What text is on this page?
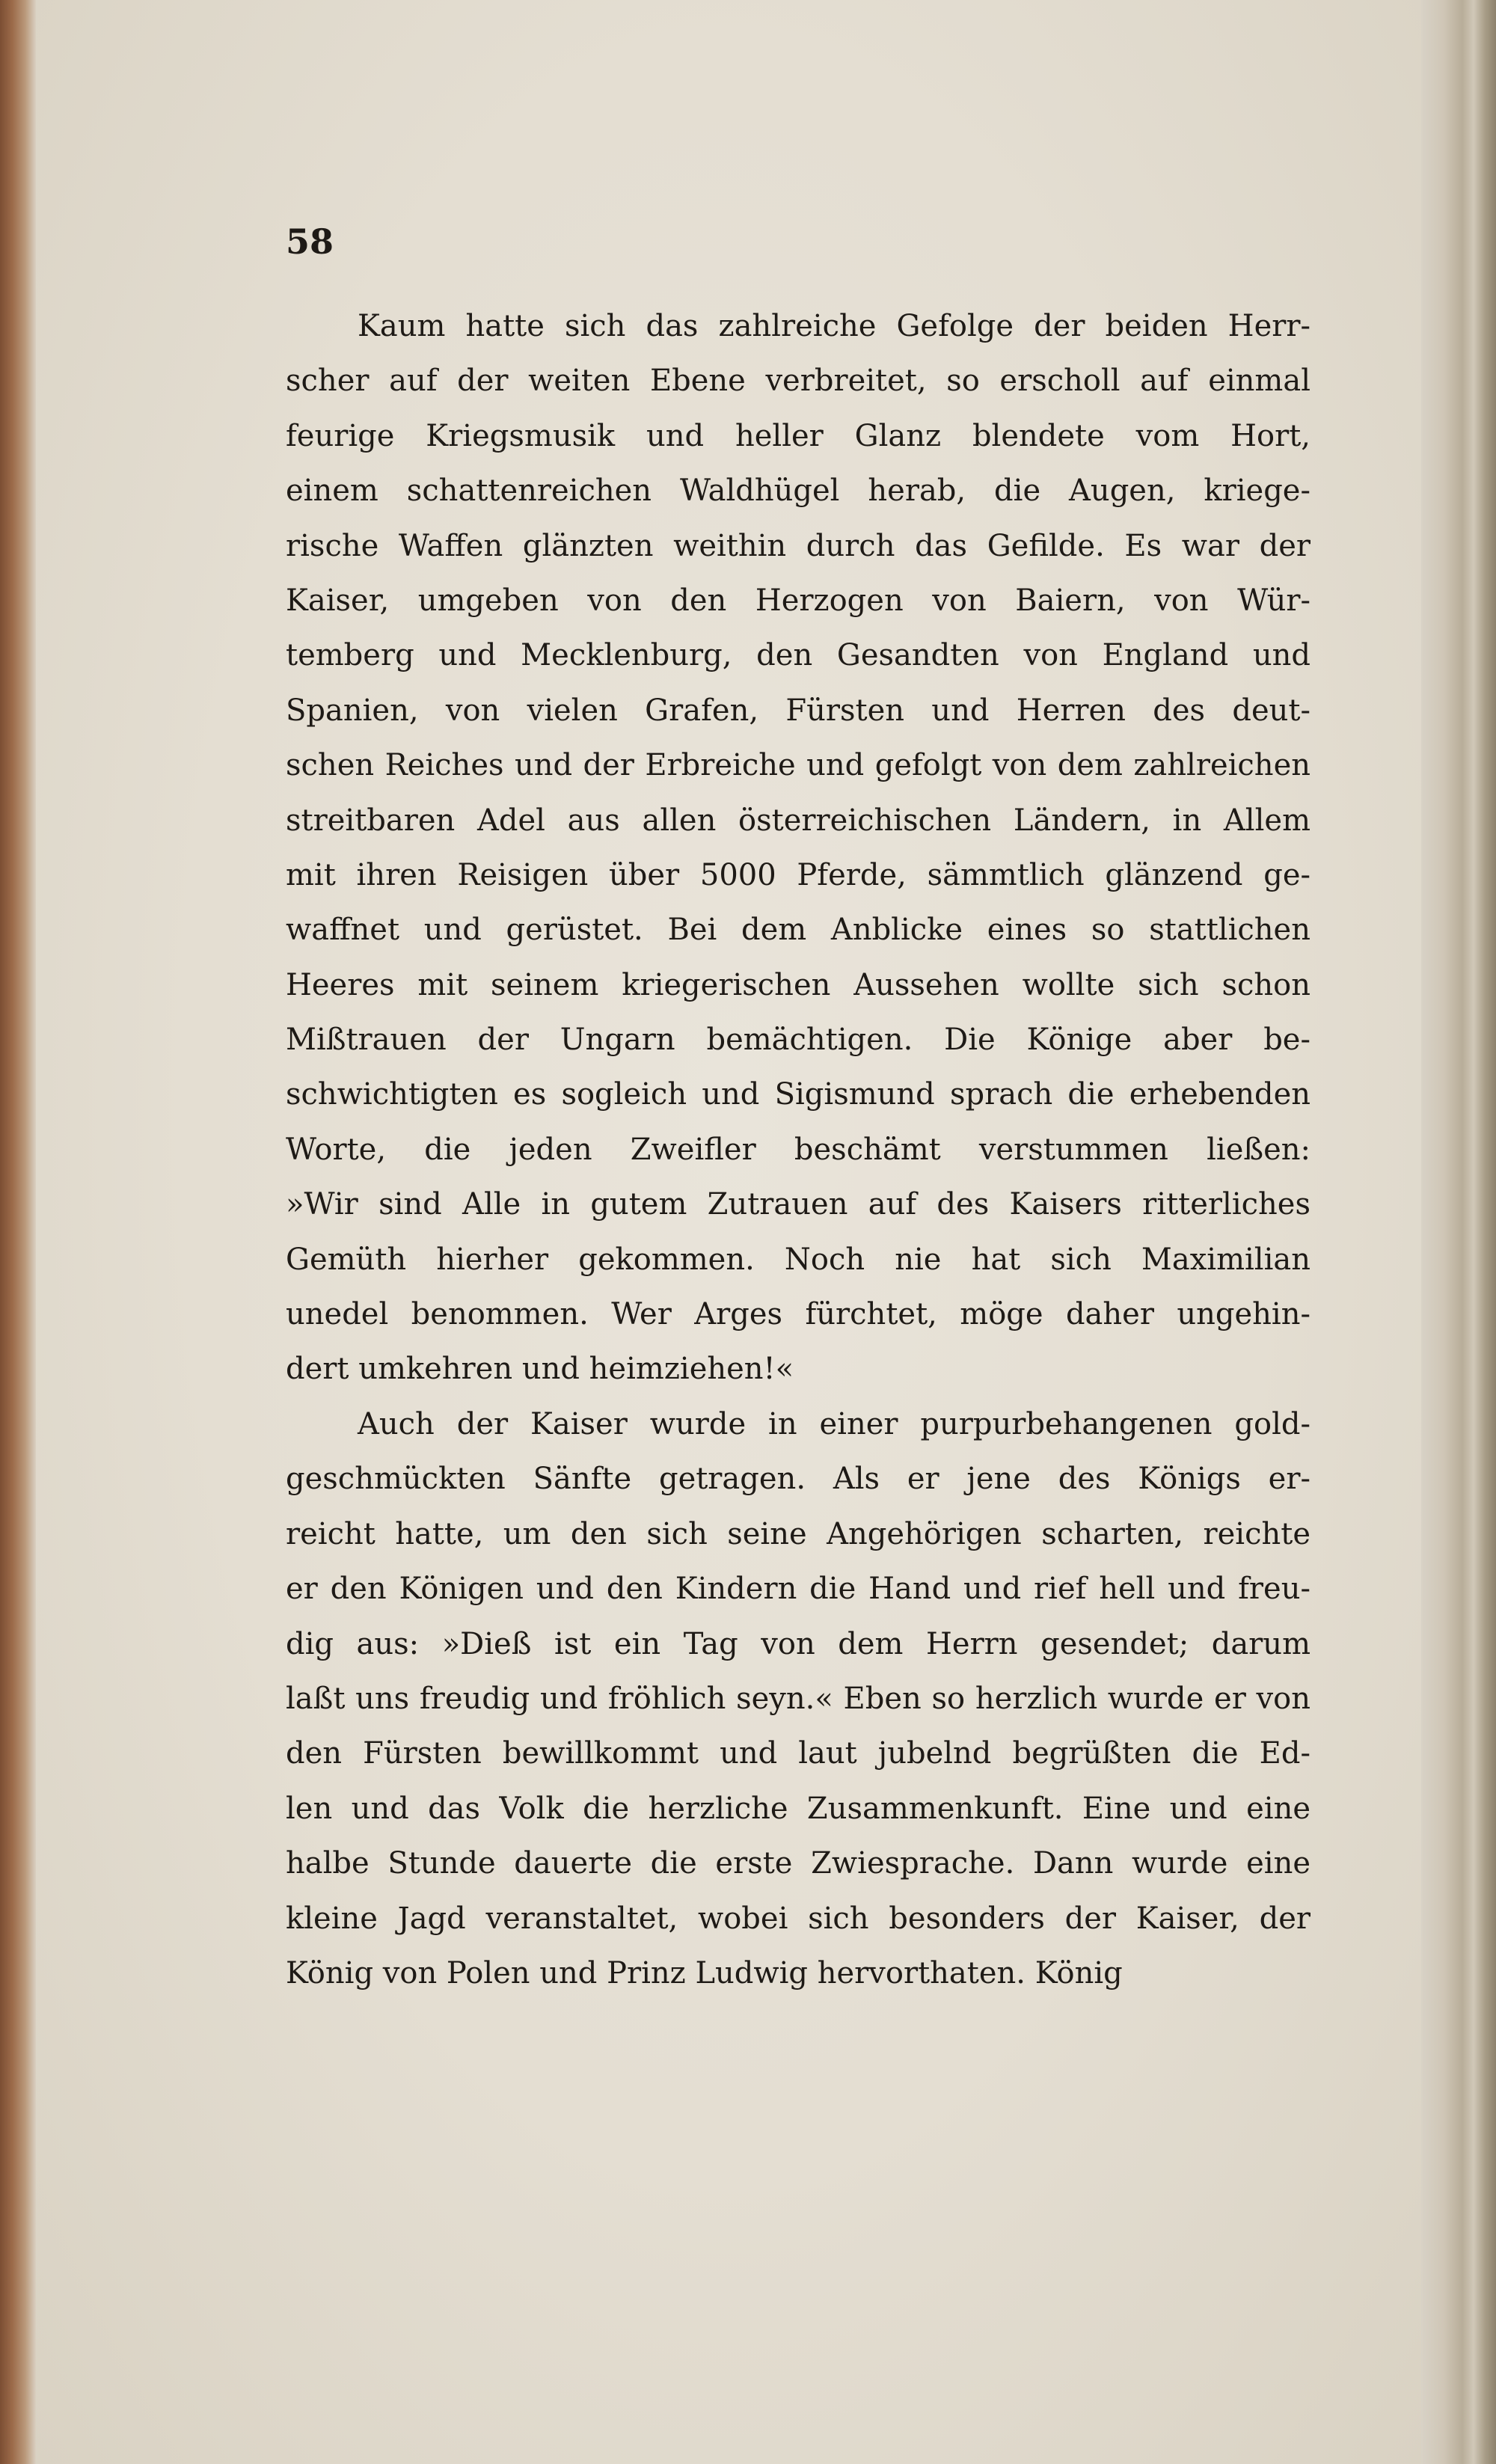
58

Kaum hatte sich das zahlreiche Gefolge der beiden Herr-
scher auf der weiten Ebene verbreitet, so erscholl auf einmal
feurige Kriegsmusik und heller Glanz blendete vom Hort,
einem schattenreichen Waldhügel herab, die Augen, kriege-
rische Waffen glänzten weithin durch das Gefilde. Es war der
Kaiser, umgeben von den Herzogen von Baiern, von Wür-
temberg und Mecklenburg, den Gesandten von England und
Spanien, von vielen Grafen, Fürsten und Herren des deut-
schen Reiches und der Erbreiche und gefolgt von dem zahlreichen
streitbaren Adel aus allen österreichischen Ländern, in Allem
mit ihren Reisigen über 5000 Pferde, sämmtlich glänzend ge-
waffnet und gerüstet. Bei dem Anblicke eines so stattlichen
Heeres mit seinem kriegerischen Aussehen wollte sich schon
Mißtrauen der Ungarn bemächtigen. Die Könige aber be-
schwichtigten es sogleich und Sigismund sprach die erhebenden
Worte, die jeden Zweifler beschämt verstummen ließen:
»Wir sind Alle in gutem Zutrauen auf des Kaisers ritterliches
Gemüth hierher gekommen. Noch nie hat sich Maximilian
unedel benommen. Wer Arges fürchtet, möge daher ungehin-
dert umkehren und heimziehen!«
Auch der Kaiser wurde in einer purpurbehangenen gold-
geschmückten Sänfte getragen. Als er jene des Königs er-
reicht hatte, um den sich seine Angehörigen scharten, reichte
er den Königen und den Kindern die Hand und rief hell und freu-
dig aus: »Dieß ist ein Tag von dem Herrn gesendet; darum
laßt uns freudig und fröhlich seyn.« Eben so herzlich wurde er von
den Fürsten bewillkommt und laut jubelnd begrüßten die Ed-
len und das Volk die herzliche Zusammenkunft. Eine und eine
halbe Stunde dauerte die erste Zwiesprache. Dann wurde eine
kleine Jagd veranstaltet, wobei sich besonders der Kaiser, der
König von Polen und Prinz Ludwig hervorthaten. König
